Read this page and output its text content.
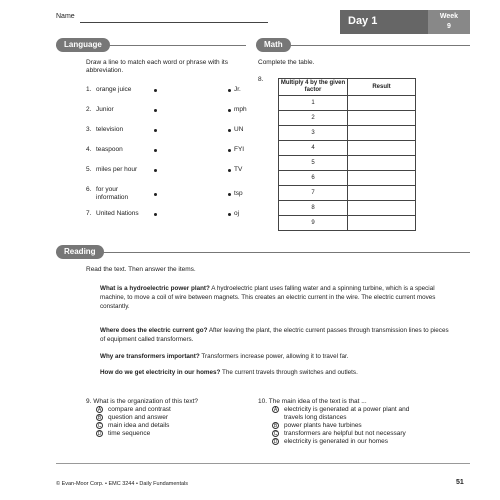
Name	Day 1	Week
9
Language
Draw a line to match each word or phrase with its abbreviation.
1. orange juice	Jr.
2. Junior	mph
3. television	UN
4. teaspoon	FYI
5. miles per hour	TV
6. for your information
tsp
7. United Nations	oj
Math
Complete the table.
8.	Multiply 4 by the given factor	Result
1	
2	
3	
4	
5	
6	
7	
8	
9	
Reading
Read the text. Then answer the items.
What is a hydroelectric power plant? A hydroelectric plant uses falling water and a spinning turbine, which is a special machine, to move a coil of wire between magnets. This creates an electric current in the wire. The electric current moves constantly.
Where does the electric current go? After leaving the plant, the electric current passes through transmission lines to pieces of equipment called transformers.
Why are transformers important? Transformers increase power, allowing it to travel far.
How do we get electricity in our homes? The current travels through switches and outlets.
9. What is the organization of this text?
A compare and contrast
B question and answer
C main idea and details
D time sequence
10. The main idea of the text is that ...
A electricity is generated at a power plant and travels long distances
B power plants have turbines
C transformers are helpful but not necessary
D electricity is generated in our homes
© Evan-Moor Corp. • EMC 3244 • Daily Fundamentals	51
